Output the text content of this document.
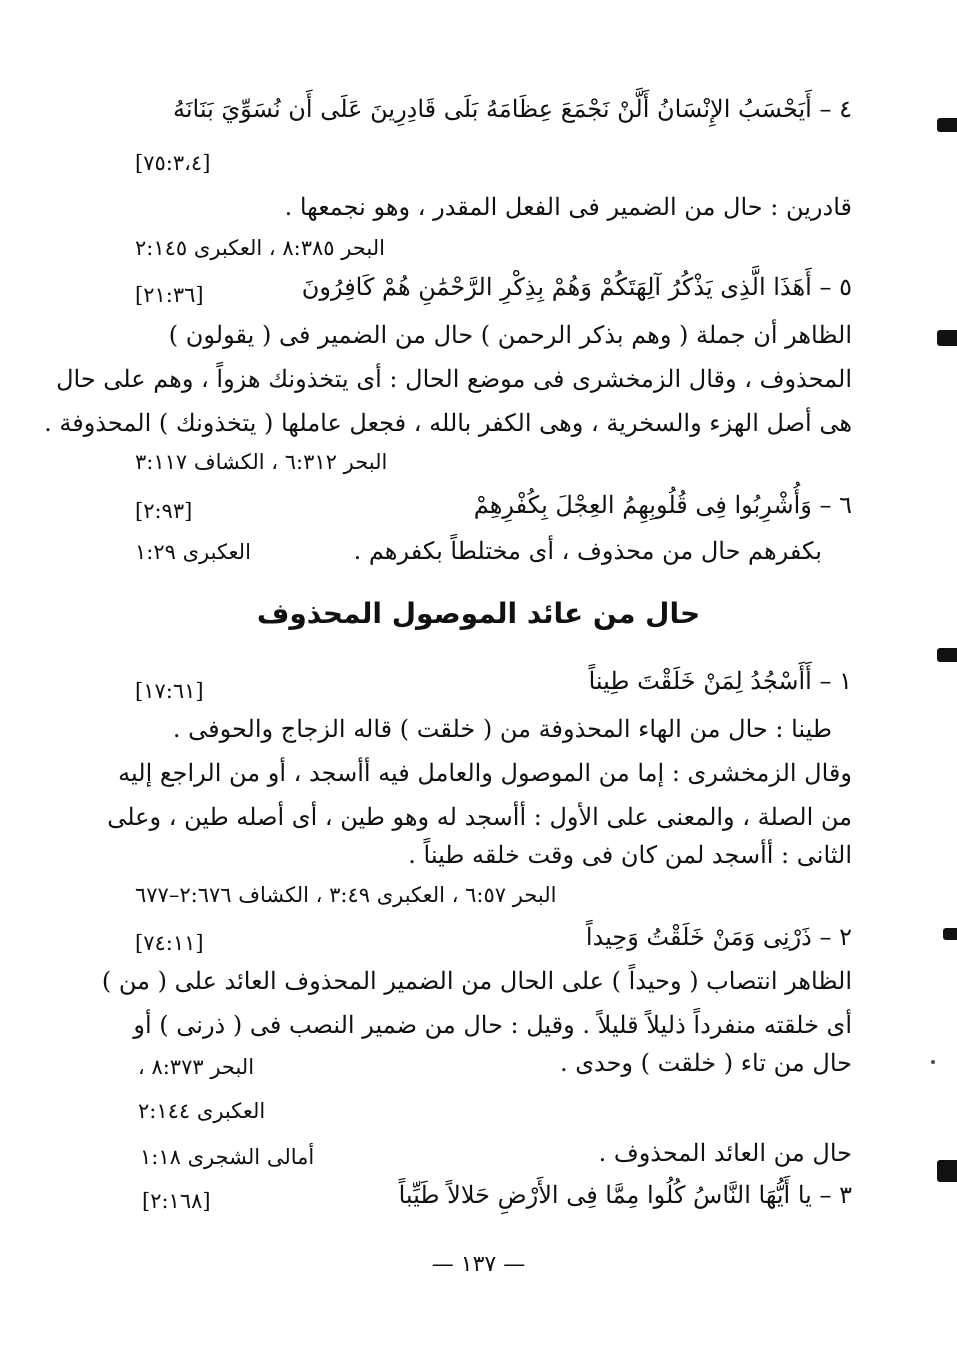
٤ – أَيَحْسَبُ الإِنْسَانُ أَلَّنْ نَجْمَعَ عِظَامَهُ بَلَى قَادِرِينَ عَلَى أَن نُسَوِّيَ بَنَانَهُ
[٧٥:٣،٤]
قادرين : حال من الضمير فى الفعل المقدر ، وهو نجمعها .
البحر ٨:٣٨٥ ، العكبرى ٢:١٤٥
٥ – أَهَذَا الَّذِى يَذْكُرُ آلِهَتَكُمْ وَهُمْ بِذِكْرِ الرَّحْمَٰنِ هُمْ كَافِرُونَ
[٢١:٣٦]
الظاهر أن جملة ( وهم بذكر الرحمن ) حال من الضمير فى ( يقولون )
المحذوف ، وقال الزمخشرى فى موضع الحال : أى يتخذونك هزواً ، وهم على حال
هى أصل الهزء والسخرية ، وهى الكفر بالله ، فجعل عاملها ( يتخذونك ) المحذوفة .
البحر ٦:٣١٢ ، الكشاف ٣:١١٧
٦ – وَأُشْرِبُوا فِى قُلُوبِهِمُ العِجْلَ بِكُفْرِهِمْ
[٢:٩٣]
بكفرهم حال من محذوف ، أى مختلطاً بكفرهم .
العكبرى ١:٢٩
حال من عائد الموصول المحذوف
١ – أَأَسْجُدُ لِمَنْ خَلَقْتَ طِيناً
[١٧:٦١]
طينا : حال من الهاء المحذوفة من ( خلقت ) قاله الزجاج والحوفى .
وقال الزمخشرى : إما من الموصول والعامل فيه أأسجد ، أو من الراجع إليه
من الصلة ، والمعنى على الأول : أأسجد له وهو طين ، أى أصله طين ، وعلى
الثانى : أأسجد لمن كان فى وقت خلقه طيناً .
البحر ٦:٥٧ ، العكبرى ٣:٤٩ ، الكشاف ٢:٦٧٦–٦٧٧
٢ – ذَرْنِى وَمَنْ خَلَقْتُ وَحِيداً
[٧٤:١١]
الظاهر انتصاب ( وحيداً ) على الحال من الضمير المحذوف العائد على ( من )
أى خلقته منفرداً ذليلاً قليلاً . وقيل : حال من ضمير النصب فى ( ذرنى ) أو
حال من تاء ( خلقت ) وحدى .
البحر ٨:٣٧٣ ،
العكبرى ٢:١٤٤
حال من العائد المحذوف .
أمالى الشجرى ١:١٨
٣ – يا أَيُّهَا النَّاسُ كُلُوا مِمَّا فِى الأَرْضِ حَلالاً طَيِّباً
[٢:١٦٨]
— ١٣٧ —
